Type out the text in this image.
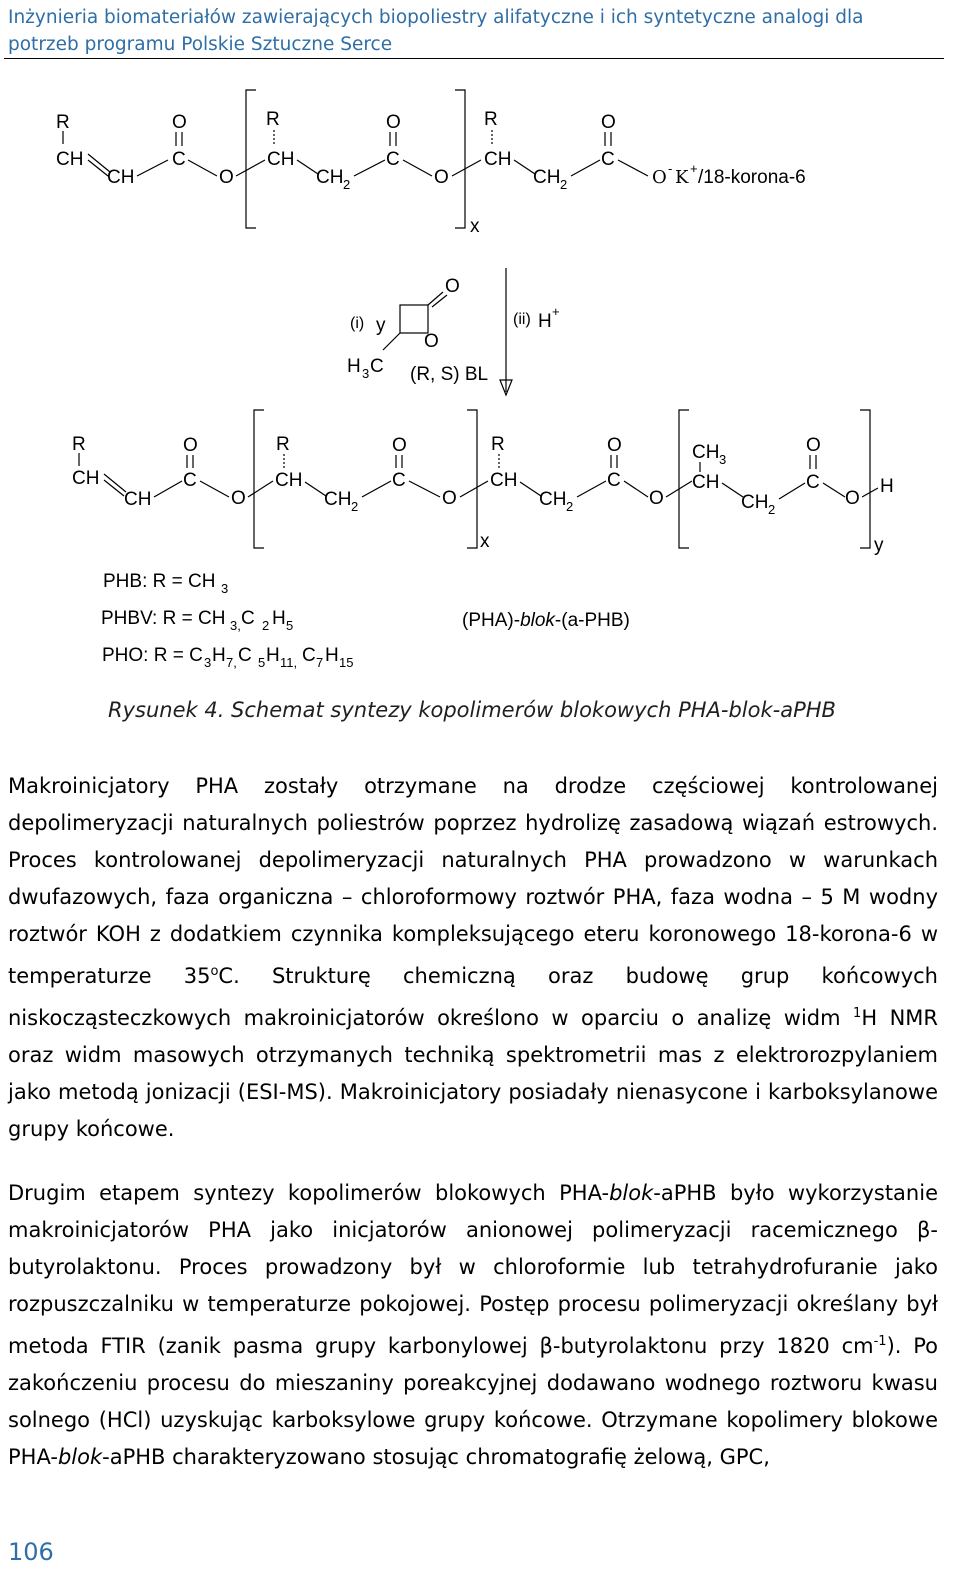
Inżynieria biomateriałów zawierających biopoliestry alifatyczne i ich syntetyczne analogi dla potrzeb programu Polskie Sztuczne Serce
R
CH
CH
C
O
O
R
CH
CH 2
C
O
O
x
R
CH
CH 2
C
O
O - K + /18-korona-6
(i) y
O
O
H 3 C (R, S) BL
(ii) H +
R
CH
CH
C
O
O
R
CH
CH 2
C
O
O
x
R
CH
CH 2
C
O
O
CH 3
CH
CH 2
C
O
O
H
y
PHB: R = CH 3
PHBV: R = CH 3, C 2 H 5	(PHA)-blok-(a-PHB)
PHO: R = C 3 H 7, C 5 H 11, C 7 H 15
Rysunek 4. Schemat syntezy kopolimerów blokowych PHA-blok-aPHB

Makroinicjatory PHA zostały otrzymane na drodze częściowej kontrolowanej depolimeryzacji naturalnych poliestrów poprzez hydrolizę zasadową wiązań estrowych. Proces kontrolowanej depolimeryzacji naturalnych PHA prowadzono w warunkach dwufazowych, faza organiczna – chloroformowy roztwór PHA, faza wodna – 5 M wodny roztwór KOH z dodatkiem czynnika kompleksującego eteru koronowego 18-korona-6 w temperaturze 35$^o$C. Strukturę chemiczną oraz budowę grup końcowych niskocząsteczkowych makroinicjatorów określono w oparciu o analizę widm $^1$H NMR oraz widm masowych otrzymanych techniką spektrometrii mas z elektrorozpylaniem jako metodą jonizacji (ESI-MS). Makroinicjatory posiadały nienasycone i karboksylanowe grupy końcowe.

Drugim etapem syntezy kopolimerów blokowych PHA-blok-aPHB było wykorzystanie makroinicjatorów PHA jako inicjatorów anionowej polimeryzacji racemicznego β-butyrolaktonu. Proces prowadzony był w chloroformie lub tetrahydrofuranie jako rozpuszczalniku w temperaturze pokojowej. Postęp procesu polimeryzacji określany był metoda FTIR (zanik pasma grupy karbonylowej β-butyrolaktonu przy 1820 $cm^{-1}$). Po zakończeniu procesu do mieszaniny poreakcyjnej dodawano wodnego roztworu kwasu solnego (HCl) uzyskując karboksylowe grupy końcowe. Otrzymane kopolimery blokowe PHA-blok-aPHB charakteryzowano stosując chromatografię żelową, GPC,

106
